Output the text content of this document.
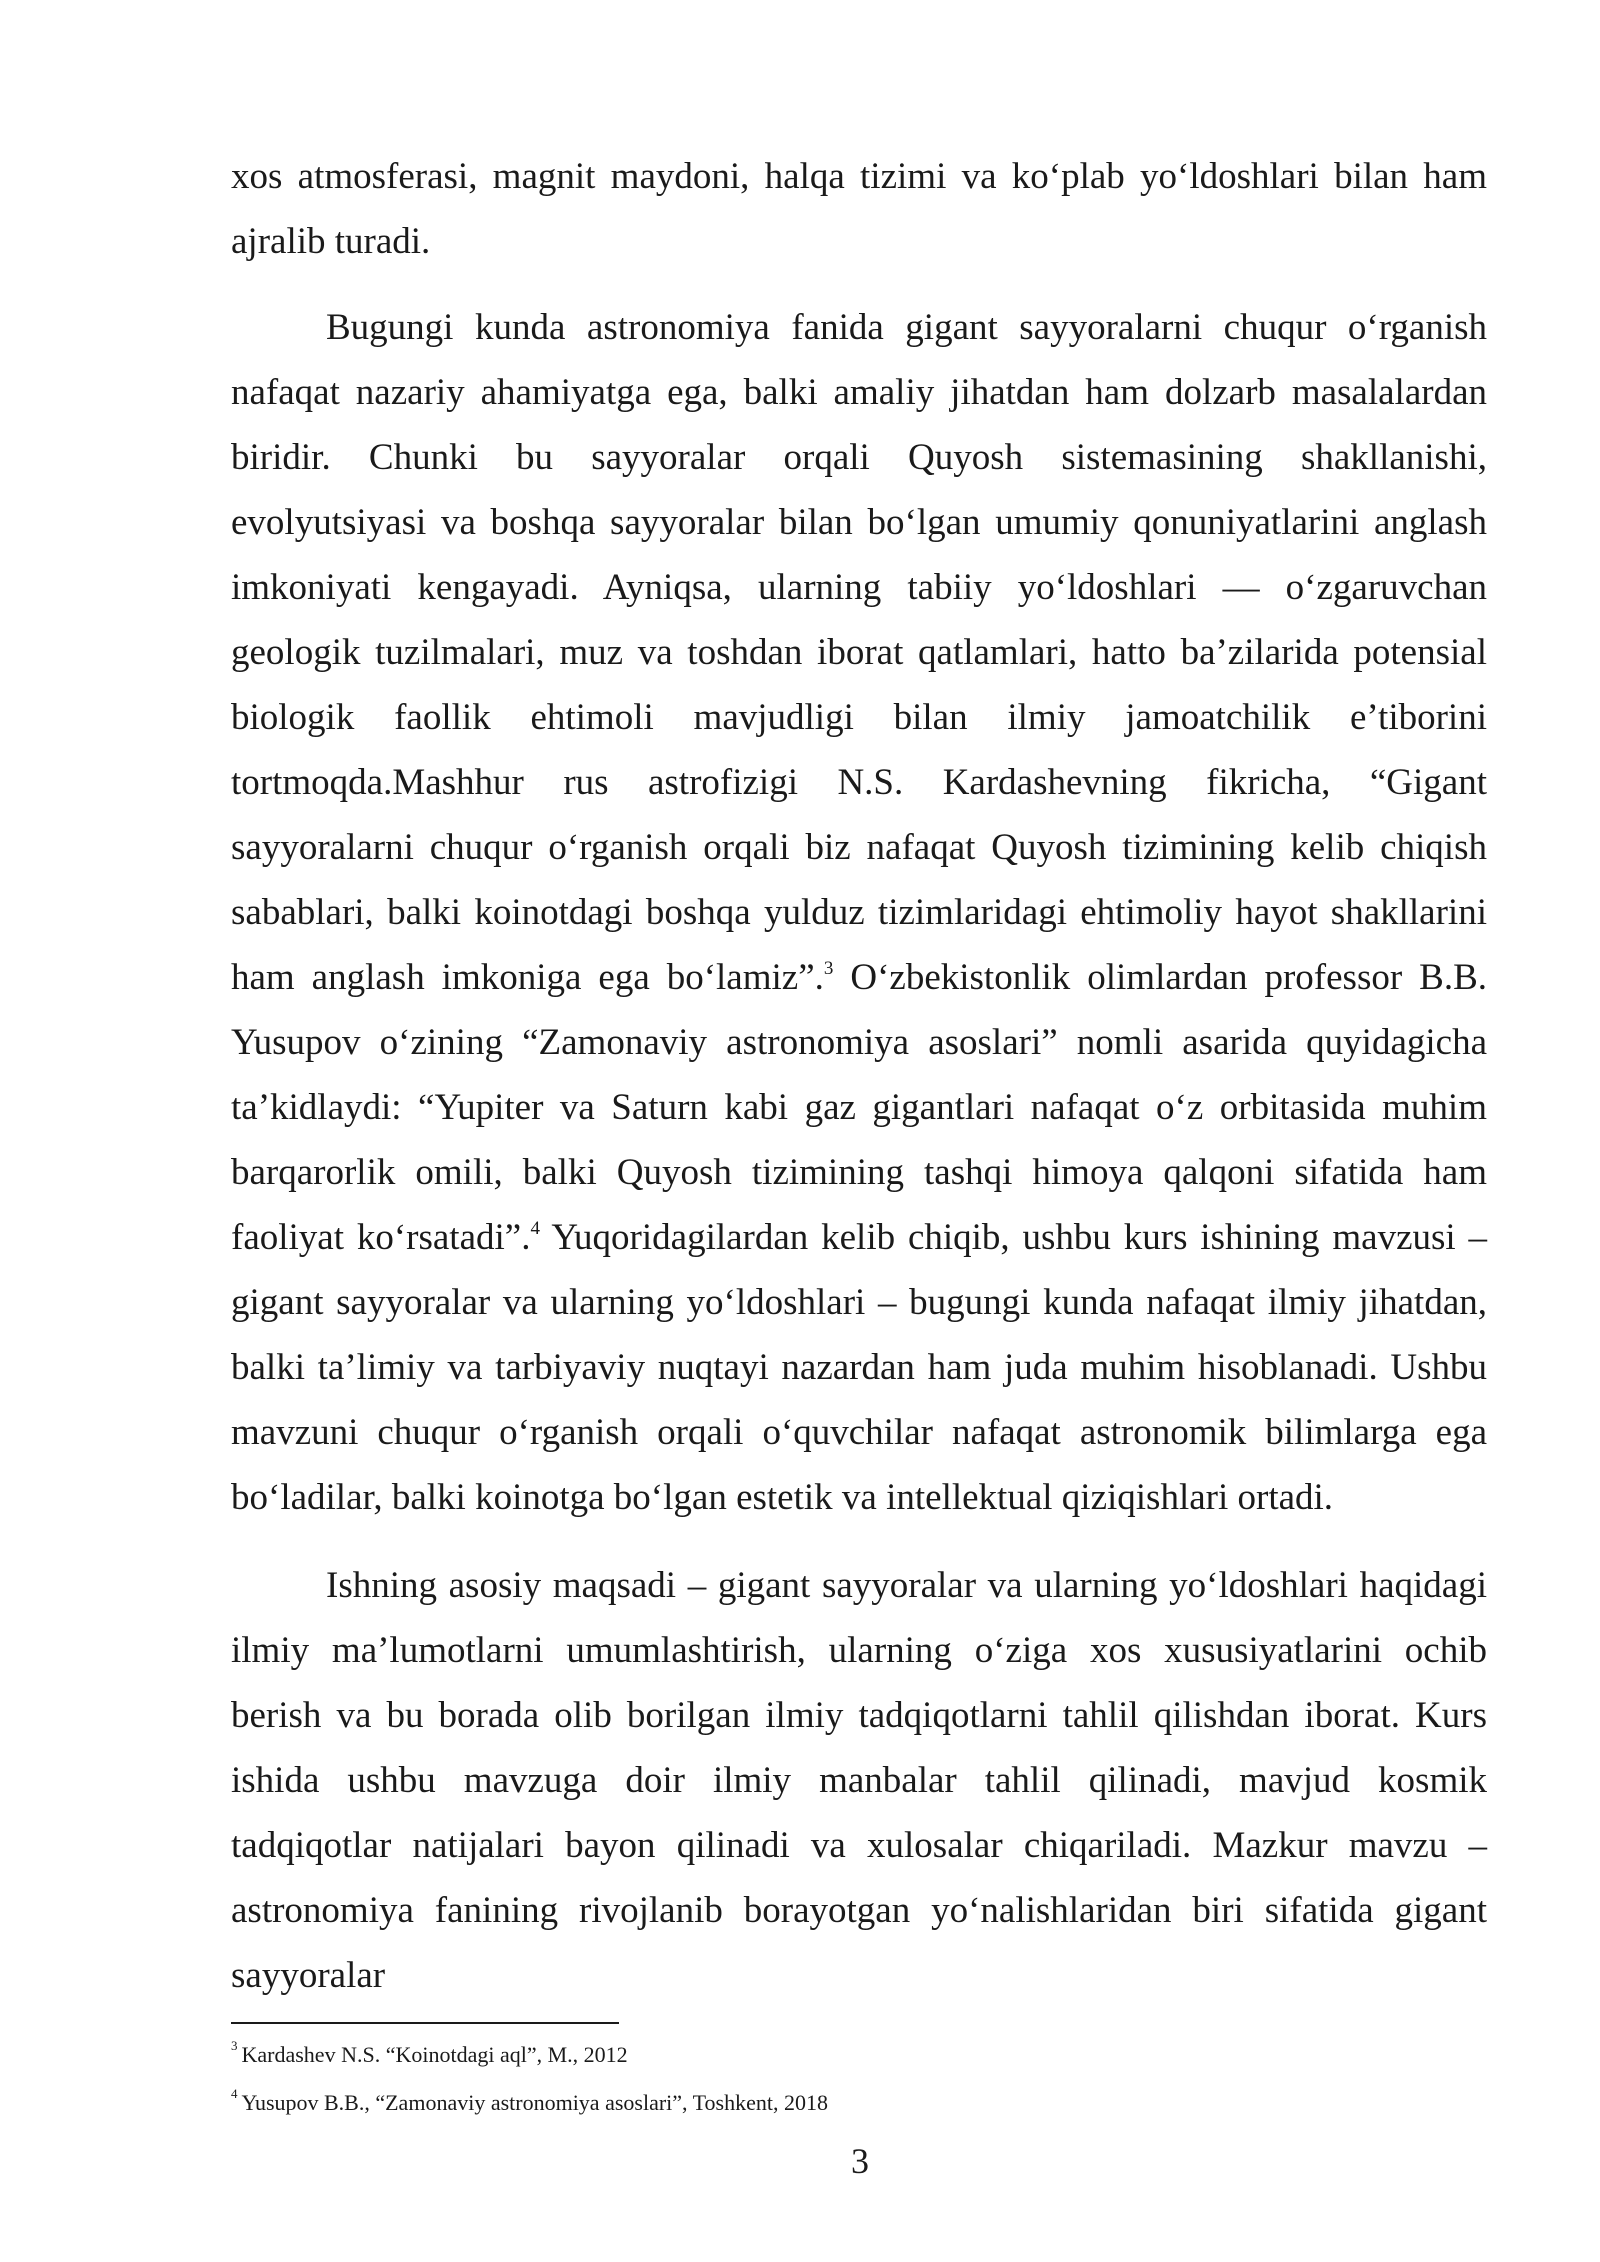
xos atmosferasi, magnit maydoni, halqa tizimi va ko‘plab yo‘ldoshlari bilan ham ajralib turadi.

Bugungi kunda astronomiya fanida gigant sayyoralarni chuqur o‘rganish nafaqat nazariy ahamiyatga ega, balki amaliy jihatdan ham dolzarb masalalardan biridir. Chunki bu sayyoralar orqali Quyosh sistemasining shakllanishi, evolyutsiyasi va boshqa sayyoralar bilan bo‘lgan umumiy qonuniyatlarini anglash imkoniyati kengayadi. Ayniqsa, ularning tabiiy yo‘ldoshlari — o‘zgaruvchan geologik tuzilmalari, muz va toshdan iborat qatlamlari, hatto ba’zilarida potensial biologik faollik ehtimoli mavjudligi bilan ilmiy jamoatchilik e’tiborini tortmoqda.Mashhur rus astrofizigi N.S. Kardashevning fikricha, “Gigant sayyoralarni chuqur o‘rganish orqali biz nafaqat Quyosh tizimining kelib chiqish sabablari, balki koinotdagi boshqa yulduz tizimlaridagi ehtimoliy hayot shakllarini ham anglash imkoniga ega bo‘lamiz”.$^3$ O‘zbekistonlik olimlardan professor B.B. Yusupov o‘zining “Zamonaviy astronomiya asoslari” nomli asarida quyidagicha ta’kidlaydi: “Yupiter va Saturn kabi gaz gigantlari nafaqat o‘z orbitasida muhim barqarorlik omili, balki Quyosh tizimining tashqi himoya qalqoni sifatida ham faoliyat ko‘rsatadi”.$^4$ Yuqoridagilardan kelib chiqib, ushbu kurs ishining mavzusi – gigant sayyoralar va ularning yo‘ldoshlari – bugungi kunda nafaqat ilmiy jihatdan, balki ta’limiy va tarbiyaviy nuqtayi nazardan ham juda muhim hisoblanadi. Ushbu mavzuni chuqur o‘rganish orqali o‘quvchilar nafaqat astronomik bilimlarga ega bo‘ladilar, balki koinotga bo‘lgan estetik va intellektual qiziqishlari ortadi.

Ishning asosiy maqsadi – gigant sayyoralar va ularning yo‘ldoshlari haqidagi ilmiy ma’lumotlarni umumlashtirish, ularning o‘ziga xos xususiyatlarini ochib berish va bu borada olib borilgan ilmiy tadqiqotlarni tahlil qilishdan iborat. Kurs ishida ushbu mavzuga doir ilmiy manbalar tahlil qilinadi, mavjud kosmik tadqiqotlar natijalari bayon qilinadi va xulosalar chiqariladi. Mazkur mavzu – astronomiya fanining rivojlanib borayotgan yo‘nalishlaridan biri sifatida gigant sayyoralar

$^3$ Kardashev N.S. “Koinotdagi aql”, M., 2012

$^4$ Yusupov B.B., “Zamonaviy astronomiya asoslari”, Toshkent, 2018

3
